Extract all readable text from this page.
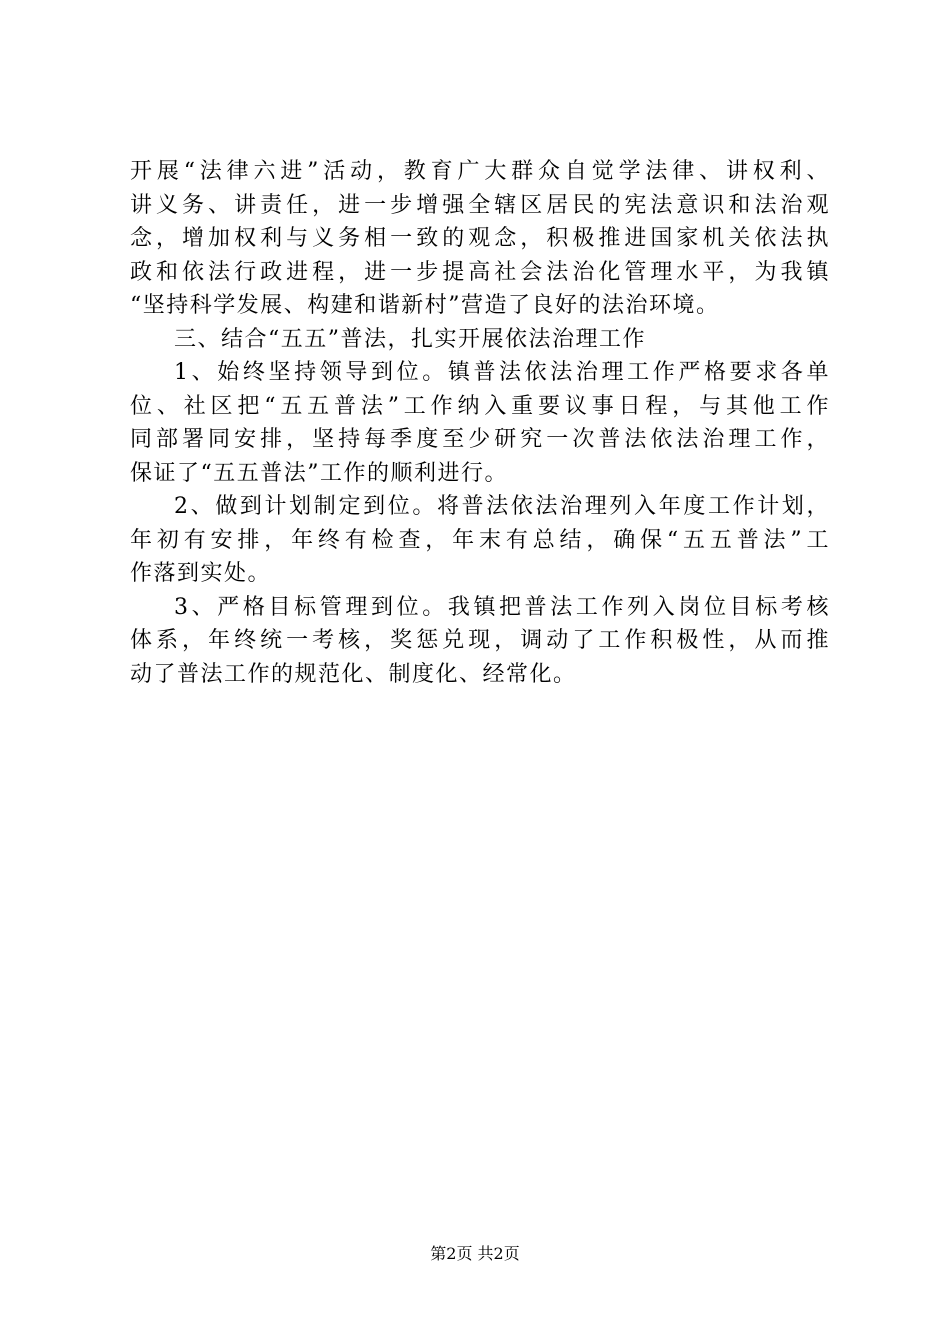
开展“法律六进”活动，教育广大群众自觉学法律、讲权利、
讲义务、讲责任，进一步增强全辖区居民的宪法意识和法治观
念，增加权利与义务相一致的观念，积极推进国家机关依法执
政和依法行政进程，进一步提高社会法治化管理水平，为我镇
“坚持科学发展、构建和谐新村”营造了良好的法治环境。
三、结合“五五”普法，扎实开展依法治理工作
1、始终坚持领导到位。镇普法依法治理工作严格要求各单
位、社区把“五五普法”工作纳入重要议事日程，与其他工作
同部署同安排，坚持每季度至少研究一次普法依法治理工作，
保证了“五五普法”工作的顺利进行。
2、做到计划制定到位。将普法依法治理列入年度工作计划，
年初有安排，年终有检查，年末有总结，确保“五五普法”工
作落到实处。
3、严格目标管理到位。我镇把普法工作列入岗位目标考核
体系，年终统一考核，奖惩兑现，调动了工作积极性，从而推
动了普法工作的规范化、制度化、经常化。
第2页 共2页
